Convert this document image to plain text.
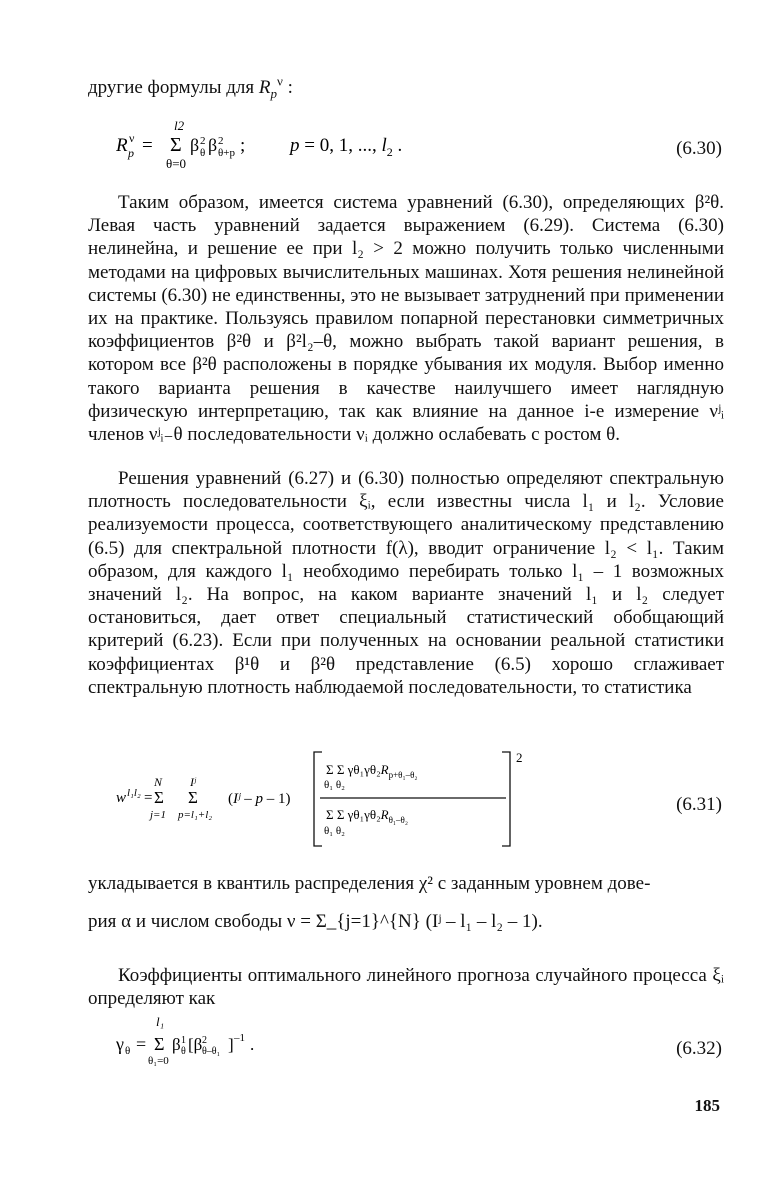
другие формулы для $R_p^\nu$ :
l2
R p
ν = Σ
θ=0
β 2
θ β 2
θ+p ; p = 0, 1, ..., $l_2$ .	(6.30)

Таким образом, имеется система уравнений (6.30), определяющих β²θ. Левая часть уравнений задается выражением (6.29). Система (6.30) нелинейна, и решение ее при l₂ > 2 можно получить только численными методами на цифровых вычислительных машинах. Хотя решения нелинейной системы (6.30) не единственны, это не вызывает затруднений при применении их на практике. Пользуясь правилом попарной перестановки симметричных коэффициентов β²θ и β²l₂–θ, можно выбрать такой вариант решения, в котором все β²θ расположены в порядке убывания их модуля. Выбор именно такого варианта решения в качестве наилучшего имеет наглядную физическую интерпретацию, так как влияние на данное i-е измерение νʲᵢ членов νʲᵢ₋θ последовательности νᵢ должно ослабевать с ростом θ.

Решения уравнений (6.27) и (6.30) полностью определяют спектральную плотность последовательности ξᵢ, если известны числа l₁ и l₂. Условие реализуемости процесса, соответствующего аналитическому представлению (6.5) для спектральной плотности f(λ), вводит ограничение l₂ < l₁. Таким образом, для каждого l₁ необходимо перебирать только l₁ – 1 возможных значений l₂. На вопрос, на каком варианте значений l₁ и l₂ следует остановиться, дает ответ специальный статистический обобщающий критерий (6.23). Если при полученных на основании реальной статистики коэффициентах β¹θ и β²θ представление (6.5) хорошо сглаживает спектральную плотность наблюдаемой последовательности, то статистика

w l₁l₂ =
N
Σ
j=1
Iʲ
Σ
p=l₁+l₂
(Iʲ – p – 1)
2
Σ Σ $\gamma\theta_1\gamma\theta_2R_{p+\theta_1-\theta_2}$
θ₁ θ₂
Σ Σ $\gamma\theta_1\gamma\theta_2R_{\theta_1-\theta_2}$
θ₁ θ₂
(6.31)

укладывается в квантиль распределения χ² с заданным уровнем дове-

рия α и числом свободы ν = Σ_{j=1}^{N} (Iʲ – l₁ – l₂ – 1).

Коэффициенты оптимального линейного прогноза случайного процесса ξᵢ определяют как

l₁
γ θ = Σ
θ₁=0
β 1
θ [β 2
θ–θ₁ ] –1 .	(6.32)
185
